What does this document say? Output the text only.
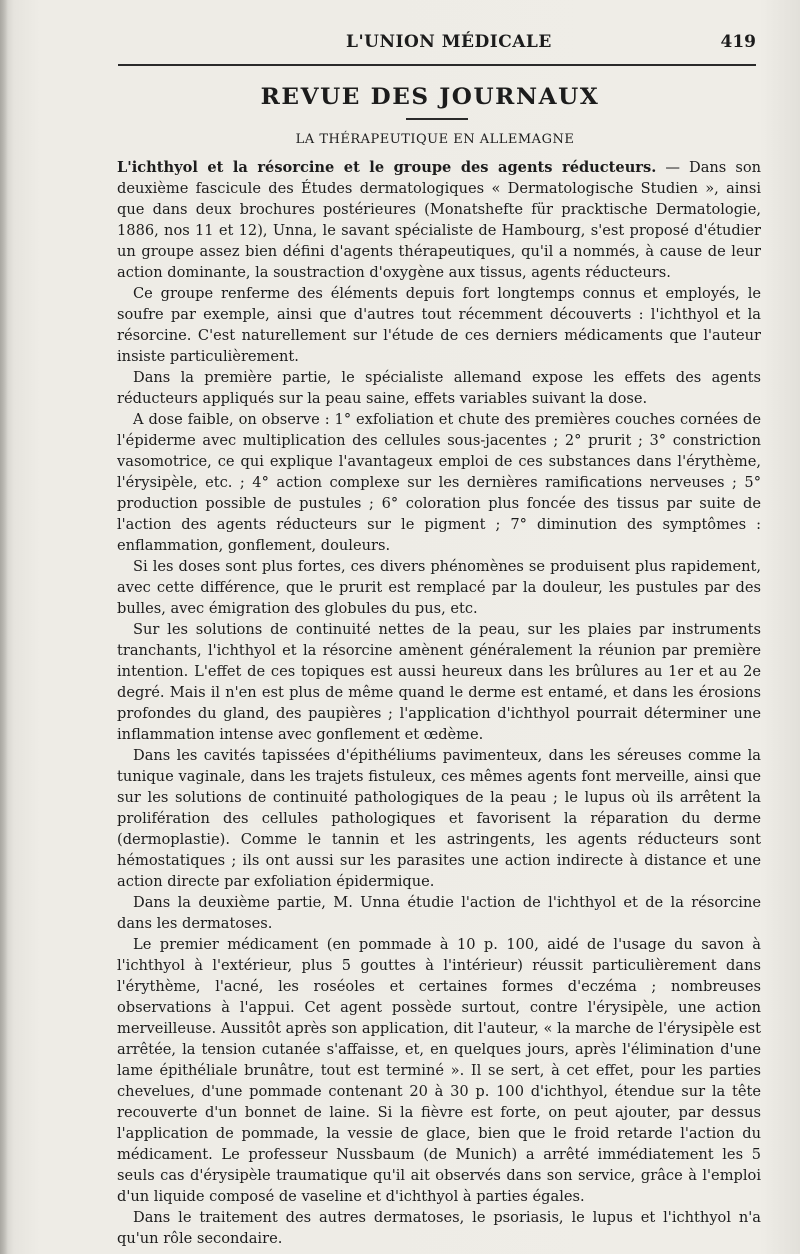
L'UNION MÉDICALE	419
REVUE DES JOURNAUX
LA THÉRAPEUTIQUE EN ALLEMAGNE

L'ichthyol et la résorcine et le groupe des agents réducteurs. — Dans son deuxième fascicule des Études dermatologiques « Dermatologische Studien », ainsi que dans deux brochures postérieures (Monatshefte für pracktische Dermatologie, 1886, nos 11 et 12), Unna, le savant spécialiste de Hambourg, s'est proposé d'étudier un groupe assez bien défini d'agents thérapeutiques, qu'il a nommés, à cause de leur action dominante, la soustraction d'oxygène aux tissus, agents réducteurs.

Ce groupe renferme des éléments depuis fort longtemps connus et employés, le soufre par exemple, ainsi que d'autres tout récemment découverts : l'ichthyol et la résorcine. C'est naturellement sur l'étude de ces derniers médicaments que l'auteur insiste particulièrement.

Dans la première partie, le spécialiste allemand expose les effets des agents réducteurs appliqués sur la peau saine, effets variables suivant la dose.

A dose faible, on observe : 1° exfoliation et chute des premières couches cornées de l'épiderme avec multiplication des cellules sous-jacentes ; 2° prurit ; 3° constriction vasomotrice, ce qui explique l'avantageux emploi de ces substances dans l'érythème, l'érysipèle, etc. ; 4° action complexe sur les dernières ramifications nerveuses ; 5° production possible de pustules ; 6° coloration plus foncée des tissus par suite de l'action des agents réducteurs sur le pigment ; 7° diminution des symptômes : enflammation, gonflement, douleurs.

Si les doses sont plus fortes, ces divers phénomènes se produisent plus rapidement, avec cette différence, que le prurit est remplacé par la douleur, les pustules par des bulles, avec émigration des globules du pus, etc.

Sur les solutions de continuité nettes de la peau, sur les plaies par instruments tranchants, l'ichthyol et la résorcine amènent généralement la réunion par première intention. L'effet de ces topiques est aussi heureux dans les brûlures au 1er et au 2e degré. Mais il n'en est plus de même quand le derme est entamé, et dans les érosions profondes du gland, des paupières ; l'application d'ichthyol pourrait déterminer une inflammation intense avec gonflement et œdème.

Dans les cavités tapissées d'épithéliums pavimenteux, dans les séreuses comme la tunique vaginale, dans les trajets fistuleux, ces mêmes agents font merveille, ainsi que sur les solutions de continuité pathologiques de la peau ; le lupus où ils arrêtent la prolifération des cellules pathologiques et favorisent la réparation du derme (dermoplastie). Comme le tannin et les astringents, les agents réducteurs sont hémostatiques ; ils ont aussi sur les parasites une action indirecte à distance et une action directe par exfoliation épidermique.

Dans la deuxième partie, M. Unna étudie l'action de l'ichthyol et de la résorcine dans les dermatoses.

Le premier médicament (en pommade à 10 p. 100, aidé de l'usage du savon à l'ichthyol à l'extérieur, plus 5 gouttes à l'intérieur) réussit particulièrement dans l'érythème, l'acné, les roséoles et certaines formes d'eczéma ; nombreuses observations à l'appui. Cet agent possède surtout, contre l'érysipèle, une action merveilleuse. Aussitôt après son application, dit l'auteur, « la marche de l'érysipèle est arrêtée, la tension cutanée s'affaisse, et, en quelques jours, après l'élimination d'une lame épithéliale brunâtre, tout est terminé ». Il se sert, à cet effet, pour les parties chevelues, d'une pommade contenant 20 à 30 p. 100 d'ichthyol, étendue sur la tête recouverte d'un bonnet de laine. Si la fièvre est forte, on peut ajouter, par dessus l'application de pommade, la vessie de glace, bien que le froid retarde l'action du médicament. Le professeur Nussbaum (de Munich) a arrêté immédiatement les 5 seuls cas d'érysipèle traumatique qu'il ait observés dans son service, grâce à l'emploi d'un liquide composé de vaseline et d'ichthyol à parties égales.

Dans le traitement des autres dermatoses, le psoriasis, le lupus et l'ichthyol n'a qu'un rôle secondaire.
